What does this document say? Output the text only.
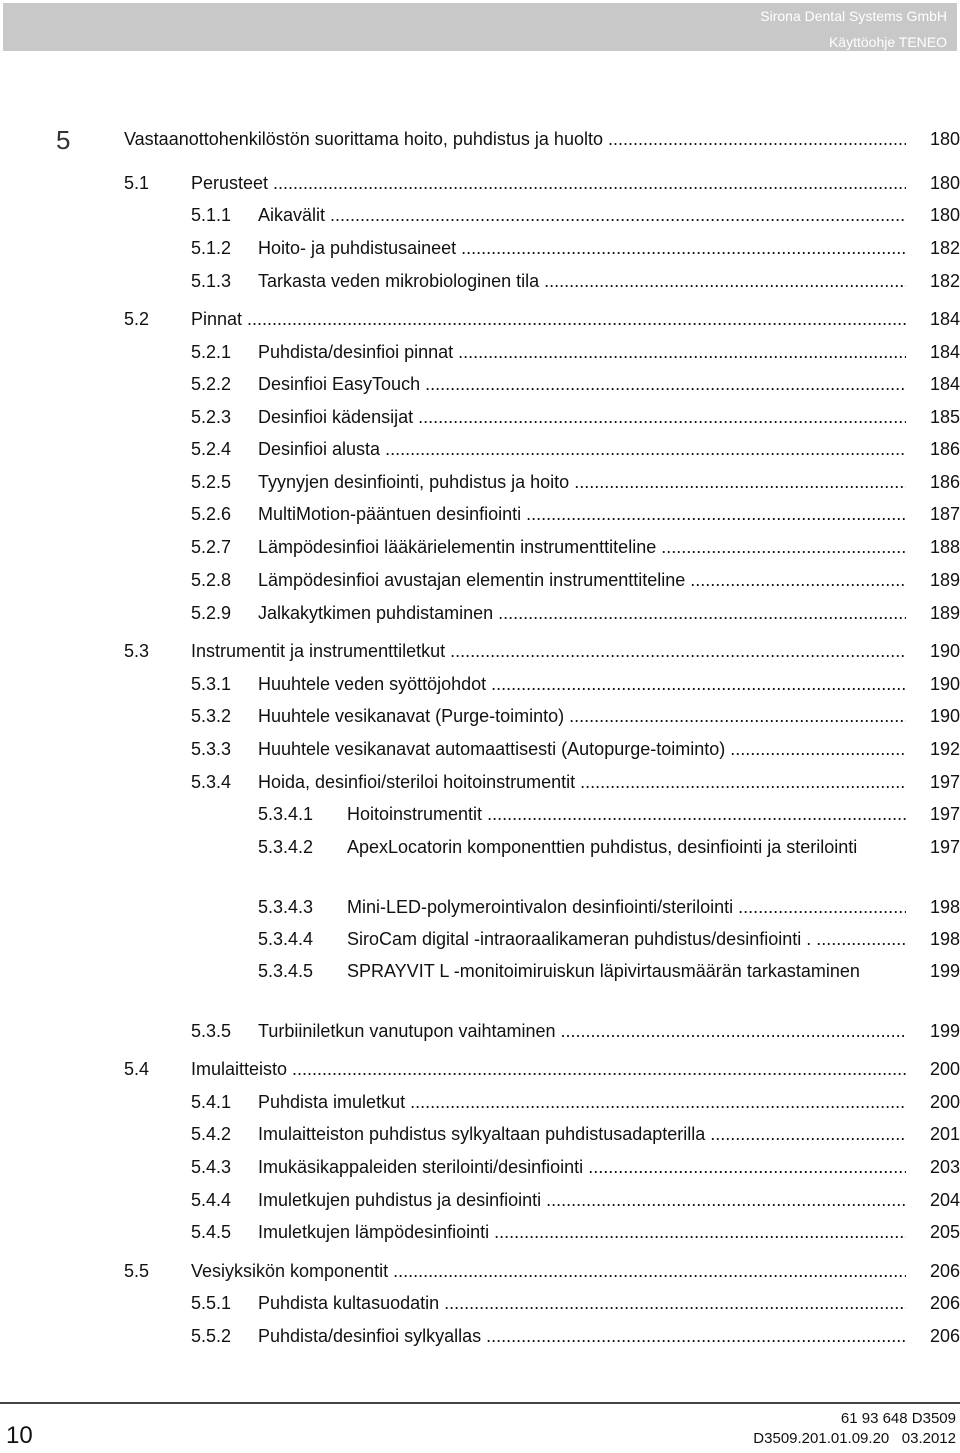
Sirona Dental Systems GmbH
Käyttöohje TENEO
5	Vastaanottohenkilöstön suorittama hoito, puhdistus ja huolto .....	180
5.1 Perusteet .....	180
5.1.1 Aikavälit .....	180
5.1.2 Hoito- ja puhdistusaineet .....	182
5.1.3 Tarkasta veden mikrobiologinen tila .....	182
5.2 Pinnat .....	184
5.2.1 Puhdista/desinfioi pinnat .....	184
5.2.2 Desinfioi EasyTouch .....	184
5.2.3 Desinfioi kädensijat .....	185
5.2.4 Desinfioi alusta .....	186
5.2.5 Tyynyjen desinfiointi, puhdistus ja hoito .....	186
5.2.6 MultiMotion-pääntuen desinfiointi .....	187
5.2.7 Lämpödesinfioi lääkärielementin instrumenttiteline .....	188
5.2.8 Lämpödesinfioi avustajan elementin instrumenttiteline .....	189
5.2.9 Jalkakytkimen puhdistaminen .....	189
5.3 Instrumentit ja instrumenttiletkut .....	190
5.3.1 Huuhtele veden syöttöjohdot .....	190
5.3.2 Huuhtele vesikanavat (Purge-toiminto) .....	190
5.3.3 Huuhtele vesikanavat automaattisesti (Autopurge-toiminto) .....	192
5.3.4 Hoida, desinfioi/steriloi hoitoinstrumentit .....	197
5.3.4.1 Hoitoinstrumentit .....	197
5.3.4.2 ApexLocatorin komponenttien puhdistus, desinfiointi ja sterilointi	197
5.3.4.3 Mini-LED-polymerointivalon desinfiointi/sterilointi .....	198
5.3.4.4 SiroCam digital -intraoraalikameran puhdistus/desinfiointi . .....	198
5.3.4.5 SPRAYVIT L -monitoimiruiskun läpivirtausmäärän tarkastaminen	199
5.3.5 Turbiiniletkun vanutupon vaihtaminen .....	199
5.4 Imulaitteisto .....	200
5.4.1 Puhdista imuletkut .....	200
5.4.2 Imulaitteiston puhdistus sylkyaltaan puhdistusadapterilla .....	201
5.4.3 Imukäsikappaleiden sterilointi/desinfiointi .....	203
5.4.4 Imuletkujen puhdistus ja desinfiointi .....	204
5.4.5 Imuletkujen lämpödesinfiointi .....	205
5.5 Vesiyksikön komponentit .....	206
5.5.1 Puhdista kultasuodatin .....	206
5.5.2 Puhdista/desinfioi sylkyallas .....	206
10
61 93 648 D3509
D3509.201.01.09.20 03.2012
